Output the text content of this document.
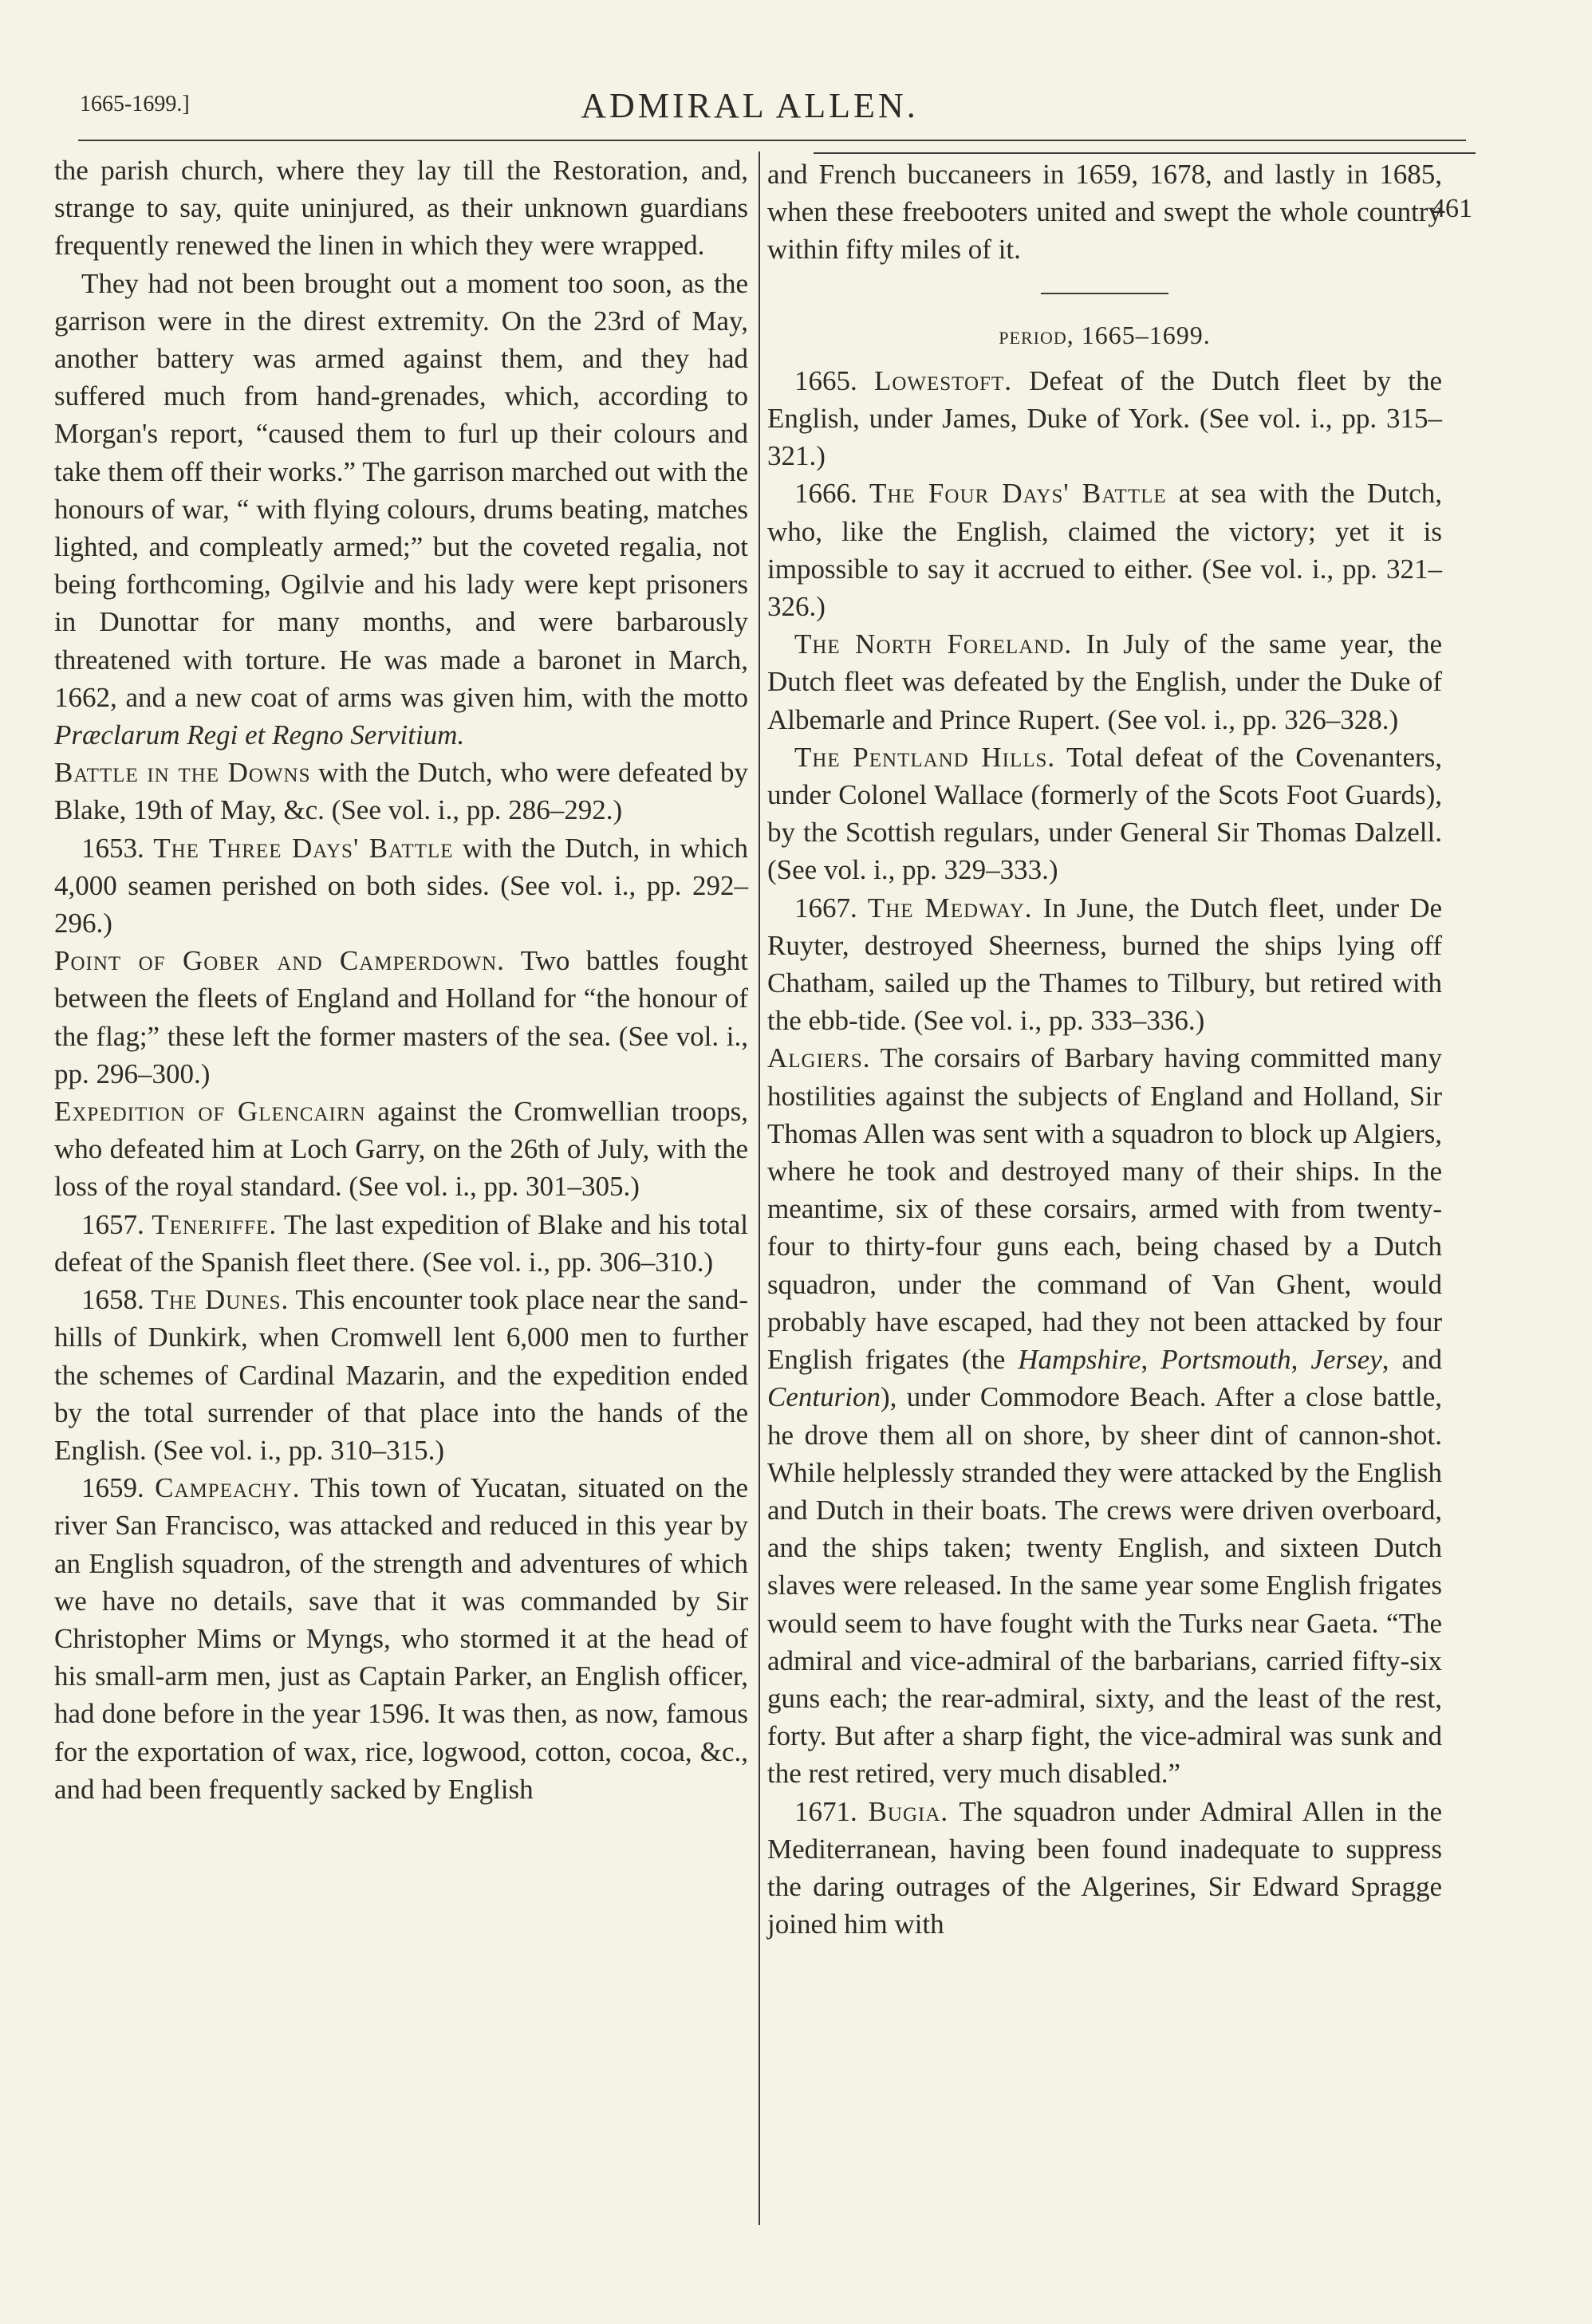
1665-1699.]	ADMIRAL ALLEN.
461

the parish church, where they lay till the Restoration, and, strange to say, quite uninjured, as their unknown guardians frequently renewed the linen in which they were wrapped.

They had not been brought out a moment too soon, as the garrison were in the direst extremity. On the 23rd of May, another battery was armed against them, and they had suffered much from hand-grenades, which, according to Morgan's report, “caused them to furl up their colours and take them off their works.” The garrison marched out with the honours of war, “ with flying colours, drums beating, matches lighted, and compleatly armed;” but the coveted regalia, not being forthcoming, Ogilvie and his lady were kept prisoners in Dunottar for many months, and were barbarously threatened with torture. He was made a baronet in March, 1662, and a new coat of arms was given him, with the motto Præclarum Regi et Regno Servitium.

Battle in the Downs with the Dutch, who were defeated by Blake, 19th of May, &c. (See vol. i., pp. 286–292.)

1653. The Three Days' Battle with the Dutch, in which 4,000 seamen perished on both sides. (See vol. i., pp. 292–296.)

Point of Gober and Camperdown. Two battles fought between the fleets of England and Holland for “the honour of the flag;” these left the former masters of the sea. (See vol. i., pp. 296–300.)

Expedition of Glencairn against the Cromwellian troops, who defeated him at Loch Garry, on the 26th of July, with the loss of the royal standard. (See vol. i., pp. 301–305.)

1657. Teneriffe. The last expedition of Blake and his total defeat of the Spanish fleet there. (See vol. i., pp. 306–310.)

1658. The Dunes. This encounter took place near the sand-hills of Dunkirk, when Cromwell lent 6,000 men to further the schemes of Cardinal Mazarin, and the expedition ended by the total surrender of that place into the hands of the English. (See vol. i., pp. 310–315.)

1659. Campeachy. This town of Yucatan, situated on the river San Francisco, was attacked and reduced in this year by an English squadron, of the strength and adventures of which we have no details, save that it was commanded by Sir Christopher Mims or Myngs, who stormed it at the head of his small-arm men, just as Captain Parker, an English officer, had done before in the year 1596. It was then, as now, famous for the exportation of wax, rice, logwood, cotton, cocoa, &c., and had been frequently sacked by English

and French buccaneers in 1659, 1678, and lastly in 1685, when these freebooters united and swept the whole country within fifty miles of it.

period, 1665–1699.

1665. Lowestoft. Defeat of the Dutch fleet by the English, under James, Duke of York. (See vol. i., pp. 315–321.)

1666. The Four Days' Battle at sea with the Dutch, who, like the English, claimed the victory; yet it is impossible to say it accrued to either. (See vol. i., pp. 321–326.)

The North Foreland. In July of the same year, the Dutch fleet was defeated by the English, under the Duke of Albemarle and Prince Rupert. (See vol. i., pp. 326–328.)

The Pentland Hills. Total defeat of the Covenanters, under Colonel Wallace (formerly of the Scots Foot Guards), by the Scottish regulars, under General Sir Thomas Dalzell. (See vol. i., pp. 329–333.)

1667. The Medway. In June, the Dutch fleet, under De Ruyter, destroyed Sheerness, burned the ships lying off Chatham, sailed up the Thames to Tilbury, but retired with the ebb-tide. (See vol. i., pp. 333–336.)

Algiers. The corsairs of Barbary having committed many hostilities against the subjects of England and Holland, Sir Thomas Allen was sent with a squadron to block up Algiers, where he took and destroyed many of their ships. In the meantime, six of these corsairs, armed with from twenty-four to thirty-four guns each, being chased by a Dutch squadron, under the command of Van Ghent, would probably have escaped, had they not been attacked by four English frigates (the Hampshire, Portsmouth, Jersey, and Centurion), under Commodore Beach. After a close battle, he drove them all on shore, by sheer dint of cannon-shot. While helplessly stranded they were attacked by the English and Dutch in their boats. The crews were driven overboard, and the ships taken; twenty English, and sixteen Dutch slaves were released. In the same year some English frigates would seem to have fought with the Turks near Gaeta. “The admiral and vice-admiral of the barbarians, carried fifty-six guns each; the rear-admiral, sixty, and the least of the rest, forty. But after a sharp fight, the vice-admiral was sunk and the rest retired, very much disabled.”

1671. Bugia. The squadron under Admiral Allen in the Mediterranean, having been found inadequate to suppress the daring outrages of the Algerines, Sir Edward Spragge joined him with
